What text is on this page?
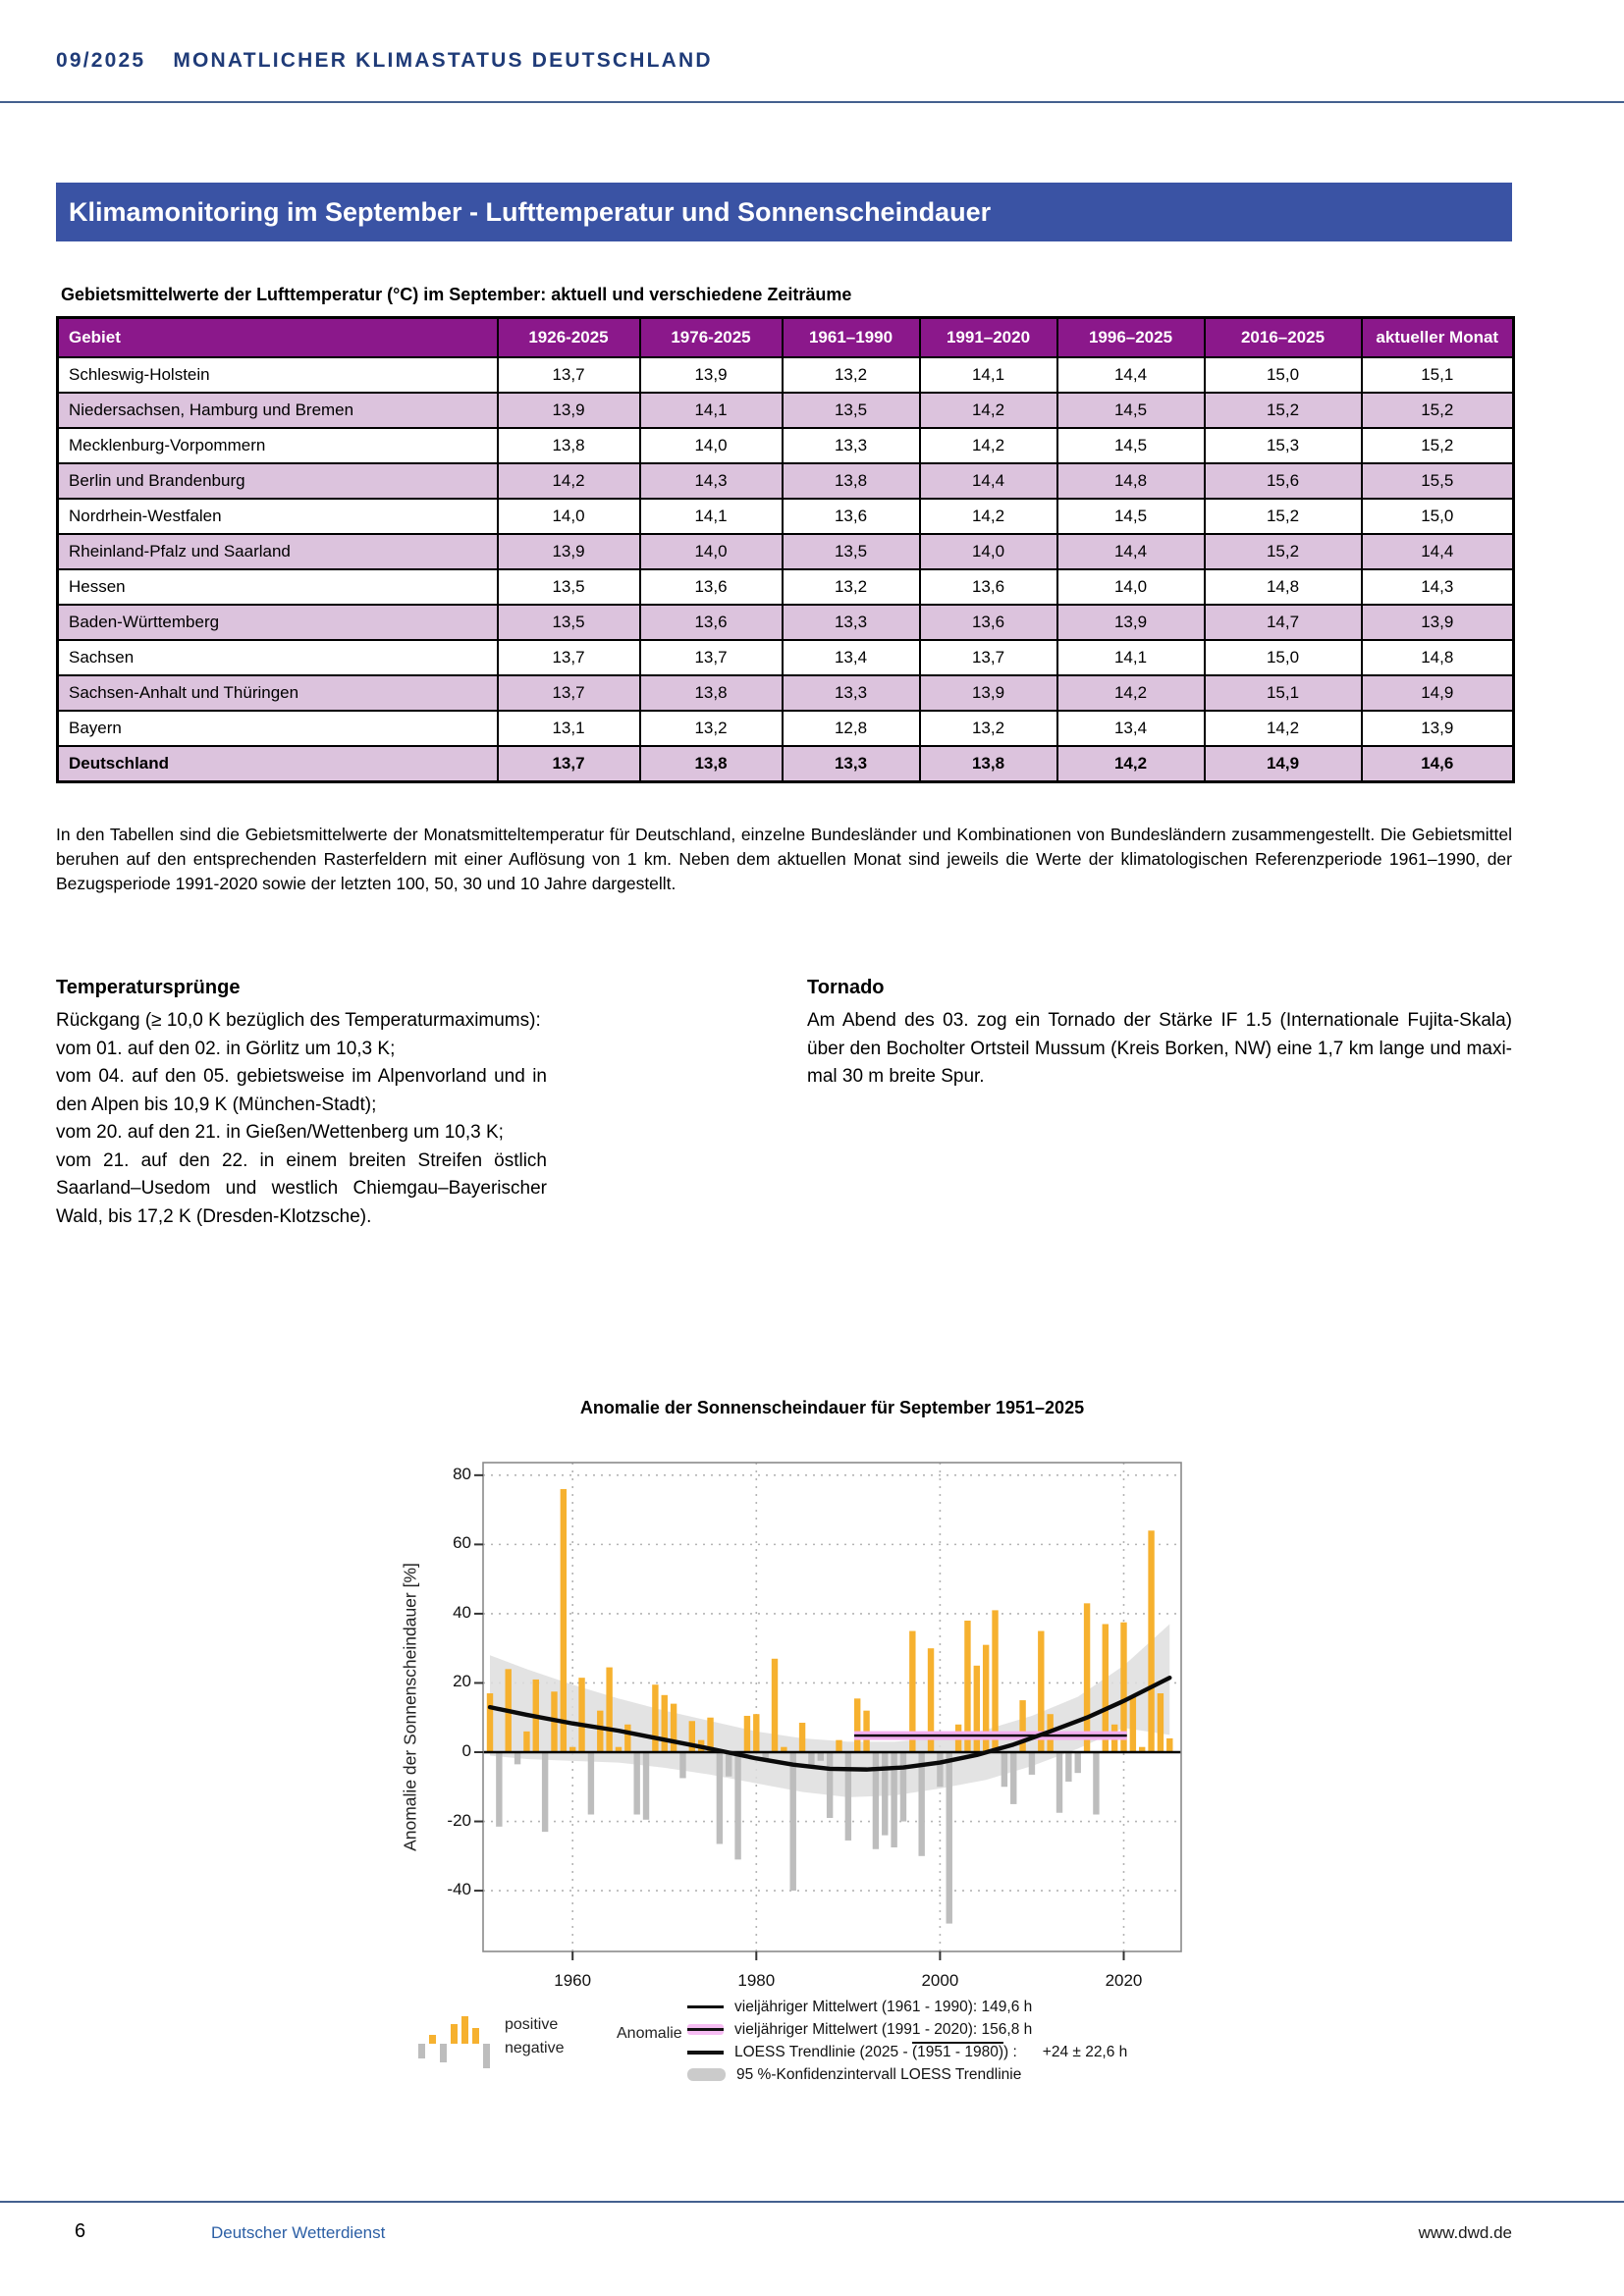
09/2025 MONATLICHER KLIMASTATUS DEUTSCHLAND
Klimamonitoring im September - Lufttemperatur und Sonnenscheindauer
Gebietsmittelwerte der Lufttemperatur (°C) im September: aktuell und verschiedene Zeiträume
Gebiet	1926-2025	1976-2025	1961–1990	1991–2020	1996–2025	2016–2025	aktueller Monat
Schleswig-Holstein	13,7	13,9	13,2	14,1	14,4	15,0	15,1
Niedersachsen, Hamburg und Bremen	13,9	14,1	13,5	14,2	14,5	15,2	15,2
Mecklenburg-Vorpommern	13,8	14,0	13,3	14,2	14,5	15,3	15,2
Berlin und Brandenburg	14,2	14,3	13,8	14,4	14,8	15,6	15,5
Nordrhein-Westfalen	14,0	14,1	13,6	14,2	14,5	15,2	15,0
Rheinland-Pfalz und Saarland	13,9	14,0	13,5	14,0	14,4	15,2	14,4
Hessen	13,5	13,6	13,2	13,6	14,0	14,8	14,3
Baden-Württemberg	13,5	13,6	13,3	13,6	13,9	14,7	13,9
Sachsen	13,7	13,7	13,4	13,7	14,1	15,0	14,8
Sachsen-Anhalt und Thüringen	13,7	13,8	13,3	13,9	14,2	15,1	14,9
Bayern	13,1	13,2	12,8	13,2	13,4	14,2	13,9
Deutschland	13,7	13,8	13,3	13,8	14,2	14,9	14,6
In den Tabellen sind die Gebietsmittelwerte der Monatsmitteltemperatur für Deutschland, einzelne Bundesländer und Kombinationen von Bundesländern zusammengestellt. Die Gebietsmittel beruhen auf den entsprechenden Rasterfeldern mit einer Auflösung von 1 km. Neben dem aktuellen Monat sind jeweils die Werte der klimatologischen Referenzperiode 1961–1990, der Bezugsperiode 1991-2020 sowie der letzten 100, 50, 30 und 10 Jahre dargestellt.
Temperatursprünge
Rückgang (≥ 10,0 K bezüglich des Temperaturmaximums):
vom 01. auf den 02. in Görlitz um 10,3 K;
vom 04. auf den 05. gebietsweise im Alpenvorland und in den Alpen bis 10,9 K (München-Stadt);
vom 20. auf den 21. in Gießen/Wettenberg um 10,3 K;
vom 21. auf den 22. in einem breiten Streifen östlich Saarland–Usedom und westlich Chiemgau–Bayerischer Wald, bis 17,2 K (Dresden-Klotzsche).
Tornado
Am Abend des 03. zog ein Tornado der Stärke IF 1.5 (Internationale Fujita-Skala) über den Bocholter Ortsteil Mussum (Kreis Borken, NW) eine 1,7 km lange und maximal 30 m breite Spur.
Anomalie der Sonnenscheindauer für September 1951–2025
Anomalie der Sonnenscheindauer [%]
positive
negative
Anomalie
vieljähriger Mittelwert (1961 - 1990): 149,6 h
vieljähriger Mittelwert (1991 - 2020): 156,8 h
LOESS Trendlinie (2025 - (1951 - 1980)) : +24 ± 22,6 h
95 %-Konfidenzintervall LOESS Trendlinie
6	Deutscher Wetterdienst	www.dwd.de
-40
-20
0
20
40
60
80
1960	1980	2000	2020
